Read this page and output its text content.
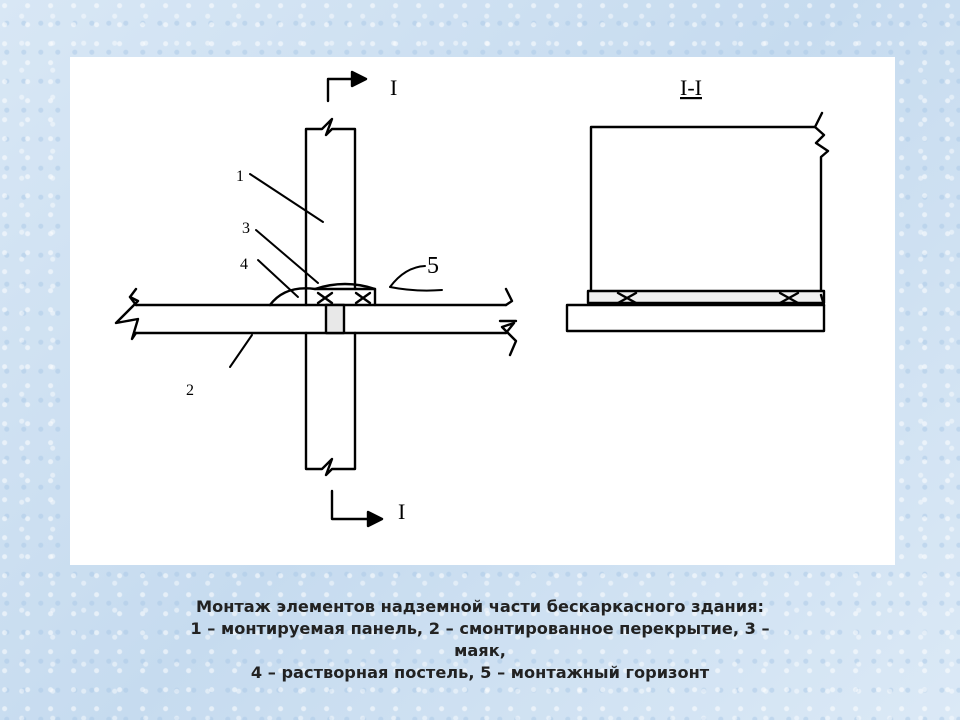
I
I
I-I
1
3
4	5
2
Монтаж элементов надземной части бескаркасного здания:
1 – монтируемая панель, 2 – смонтированное перекрытие, 3 –
маяк,
4 – растворная постель, 5 – монтажный горизонт
